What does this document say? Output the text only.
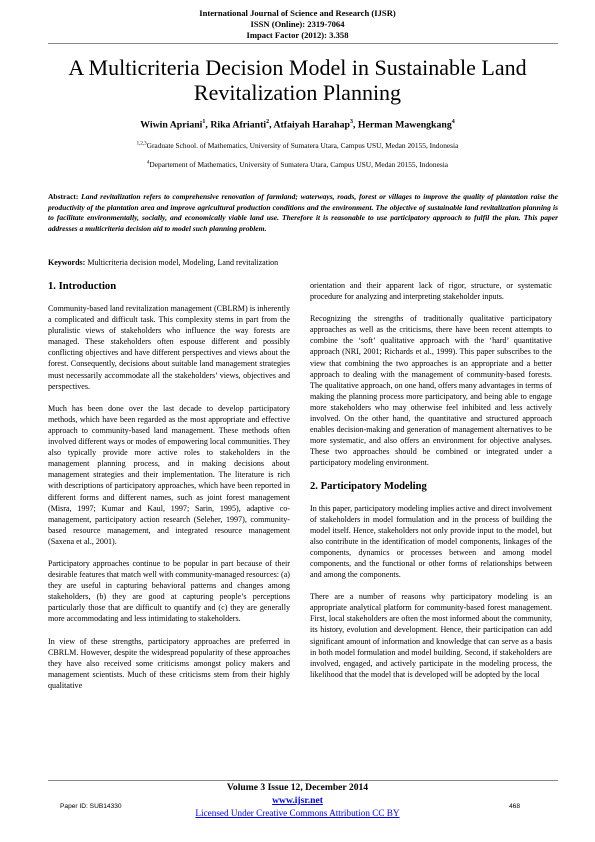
International Journal of Science and Research (IJSR)
ISSN (Online): 2319-7064
Impact Factor (2012): 3.358
A Multicriteria Decision Model in Sustainable Land
Revitalization Planning
Wiwin Apriani$^1$, Rika Afrianti$^2$, Atfaiyah Harahap$^3$, Herman Mawengkang$^4$
$^{1,2,3}$Graduate School. of Mathematics, University of Sumatera Utara, Campus USU, Medan 20155, Indonesia
$^4$Departement of Mathematics, University of Sumatera Utara, Campus USU, Medan 20155, Indonesia
Abstract: Land revitalization refers to comprehensive renovation of farmland; waterways, roads, forest or villages to improve the quality of plantation raise the productivity of the plantation area and improve agricultural production conditions and the environment. The objective of sustainable land revitalization planning is to facilitate environmentally, socially, and economically viable land use. Therefore it is reasonable to use participatory approach to fulfil the plan. This paper addresses a multicriteria decision aid to model such planning problem.
Keywords: Multicriteria decision model, Modeling, Land revitalization
1. Introduction

Community-based land revitalization management (CBLRM) is inherently a complicated and difficult task. This complexity stems in part from the pluralistic views of stakeholders who influence the way forests are managed. These stakeholders often espouse different and possibly conflicting objectives and have different perspectives and views about the forest. Consequently, decisions about suitable land management strategies must necessarily accommodate all the stakeholders’ views, objectives and perspectives.

Much has been done over the last decade to develop participatory methods, which have been regarded as the most appropriate and effective approach to community-based land management. These methods often involved different ways or modes of empowering local communities. They also typically provide more active roles to stakeholders in the management planning process, and in making decisions about management strategies and their implementation. The literature is rich with descriptions of participatory approaches, which have been reported in different forms and different names, such as joint forest management (Misra, 1997; Kumar and Kaul, 1997; Sarin, 1995), adaptive co-management, participatory action research (Seleher, 1997), community-based resource management, and integrated resource management (Saxena et al., 2001).

Participatory approaches continue to be popular in part because of their desirable features that match well with community-managed resources: (a) they are useful in capturing behavioral patterns and changes among stakeholders, (b) they are good at capturing people’s perceptions particularly those that are difficult to quantify and (c) they are generally more accommodating and less intimidating to stakeholders.

In view of these strengths, participatory approaches are preferred in CBRLM. However, despite the widespread popularity of these approaches they have also received some criticisms amongst policy makers and management scientists. Much of these criticisms stem from their highly qualitative

orientation and their apparent lack of rigor, structure, or systematic procedure for analyzing and interpreting stakeholder inputs.

Recognizing the strengths of traditionally qualitative participatory approaches as well as the criticisms, there have been recent attempts to combine the ‘soft’ qualitative approach with the ‘hard’ quantitative approach (NRI, 2001; Richards et al., 1999). This paper subscribes to the view that combining the two approaches is an appropriate and a better approach to dealing with the management of community-based forests. The qualitative approach, on one hand, offers many advantages in terms of making the planning process more participatory, and being able to engage more stakeholders who may otherwise feel inhibited and less actively involved. On the other hand, the quantitative and structured approach enables decision-making and generation of management alternatives to be more systematic, and also offers an environment for objective analyses. These two approaches should be combined or integrated under a participatory modeling environment.

2. Participatory Modeling

In this paper, participatory modeling implies active and direct involvement of stakeholders in model formulation and in the process of building the model itself. Hence, stakeholders not only provide input to the model, but also contribute in the identification of model components, linkages of the components, dynamics or processes between and among model components, and the functional or other forms of relationships between and among the components.

There are a number of reasons why participatory modeling is an appropriate analytical platform for community-based forest management. First, local stakeholders are often the most informed about the community, its history, evolution and development. Hence, their participation can add significant amount of information and knowledge that can serve as a basis in both model formulation and model building. Second, if stakeholders are involved, engaged, and actively participate in the modeling process, the likelihood that the model that is developed will be adopted by the local

Volume 3 Issue 12, December 2014
www.ijsr.net
Licensed Under Creative Commons Attribution CC BY
Paper ID: SUB14330	468
